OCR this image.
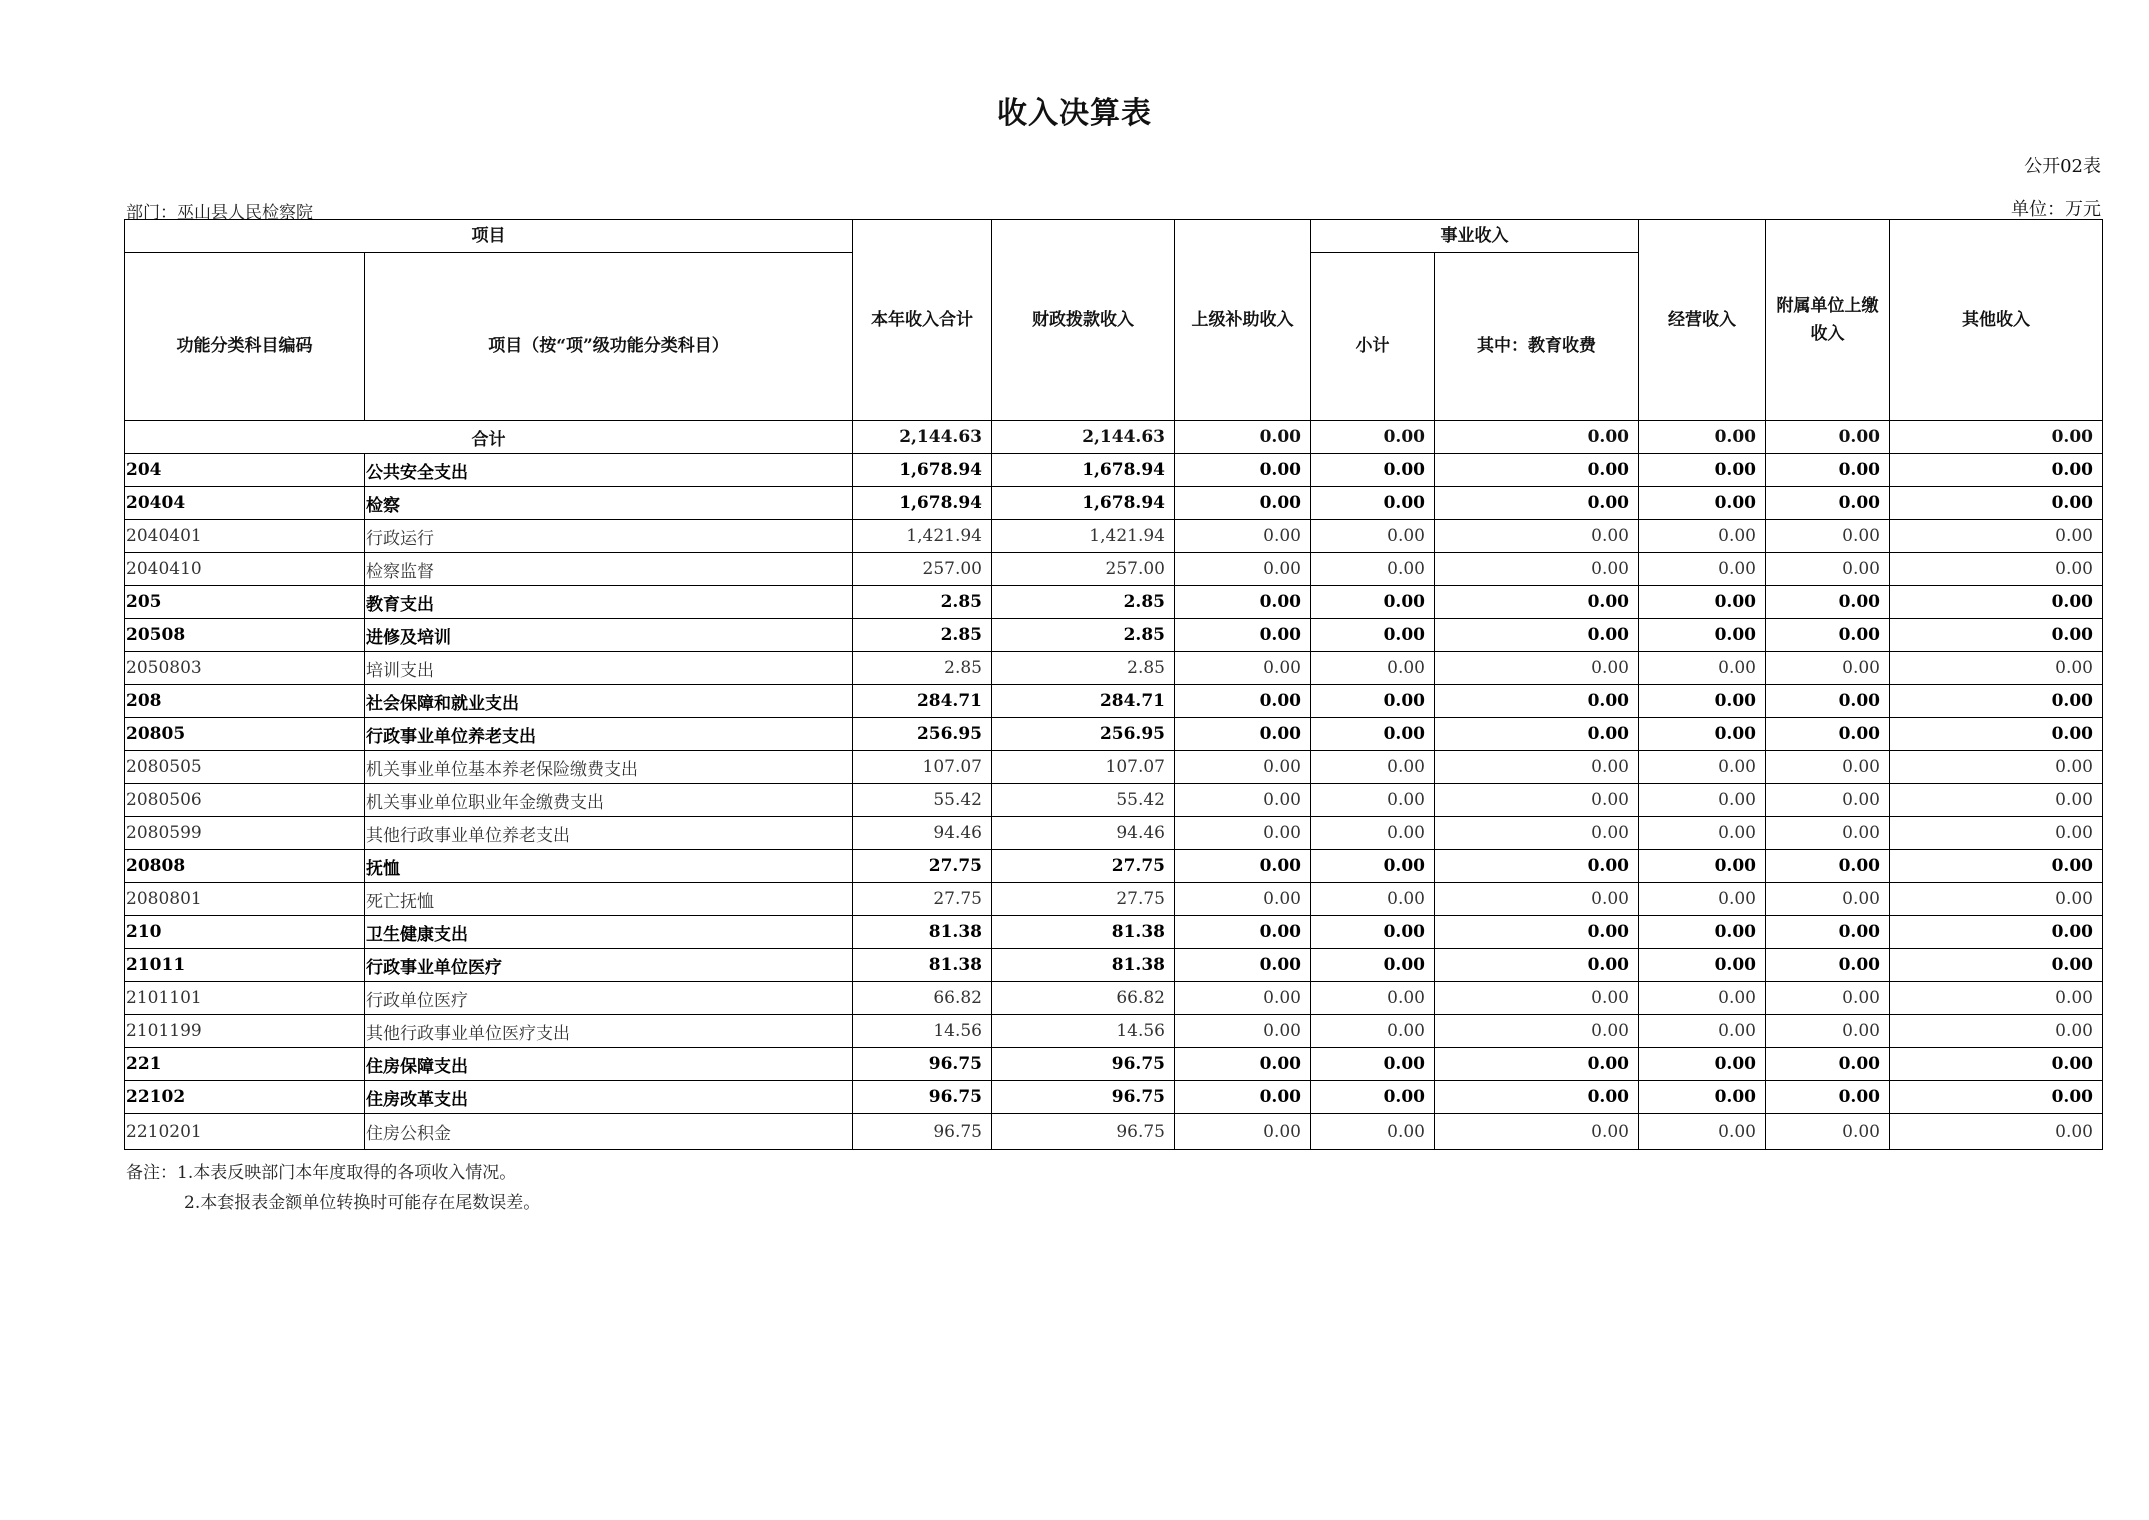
收入决算表
公开02表
部门：巫山县人民检察院	单位：万元
项目		本年收入合计	财政拨款收入	上级补助收入	事业收入		经营收入	附属单位上缴收入	其他收入
功能分类科目编码	项目（按“项”级功能分类科目）				小计	其中：教育收费			
合计		2,144.63	2,144.63	0.00	0.00	0.00	0.00	0.00	0.00
204	公共安全支出	1,678.94	1,678.94	0.00	0.00	0.00	0.00	0.00	0.00
20404	检察	1,678.94	1,678.94	0.00	0.00	0.00	0.00	0.00	0.00
2040401	行政运行	1,421.94	1,421.94	0.00	0.00	0.00	0.00	0.00	0.00
2040410	检察监督	257.00	257.00	0.00	0.00	0.00	0.00	0.00	0.00
205	教育支出	2.85	2.85	0.00	0.00	0.00	0.00	0.00	0.00
20508	进修及培训	2.85	2.85	0.00	0.00	0.00	0.00	0.00	0.00
2050803	培训支出	2.85	2.85	0.00	0.00	0.00	0.00	0.00	0.00
208	社会保障和就业支出	284.71	284.71	0.00	0.00	0.00	0.00	0.00	0.00
20805	行政事业单位养老支出	256.95	256.95	0.00	0.00	0.00	0.00	0.00	0.00
2080505	机关事业单位基本养老保险缴费支出	107.07	107.07	0.00	0.00	0.00	0.00	0.00	0.00
2080506	机关事业单位职业年金缴费支出	55.42	55.42	0.00	0.00	0.00	0.00	0.00	0.00
2080599	其他行政事业单位养老支出	94.46	94.46	0.00	0.00	0.00	0.00	0.00	0.00
20808	抚恤	27.75	27.75	0.00	0.00	0.00	0.00	0.00	0.00
2080801	死亡抚恤	27.75	27.75	0.00	0.00	0.00	0.00	0.00	0.00
210	卫生健康支出	81.38	81.38	0.00	0.00	0.00	0.00	0.00	0.00
21011	行政事业单位医疗	81.38	81.38	0.00	0.00	0.00	0.00	0.00	0.00
2101101	行政单位医疗	66.82	66.82	0.00	0.00	0.00	0.00	0.00	0.00
2101199	其他行政事业单位医疗支出	14.56	14.56	0.00	0.00	0.00	0.00	0.00	0.00
221	住房保障支出	96.75	96.75	0.00	0.00	0.00	0.00	0.00	0.00
22102	住房改革支出	96.75	96.75	0.00	0.00	0.00	0.00	0.00	0.00
2210201	住房公积金	96.75	96.75	0.00	0.00	0.00	0.00	0.00	0.00
备注：1.本表反映部门本年度取得的各项收入情况。
2.本套报表金额单位转换时可能存在尾数误差。
